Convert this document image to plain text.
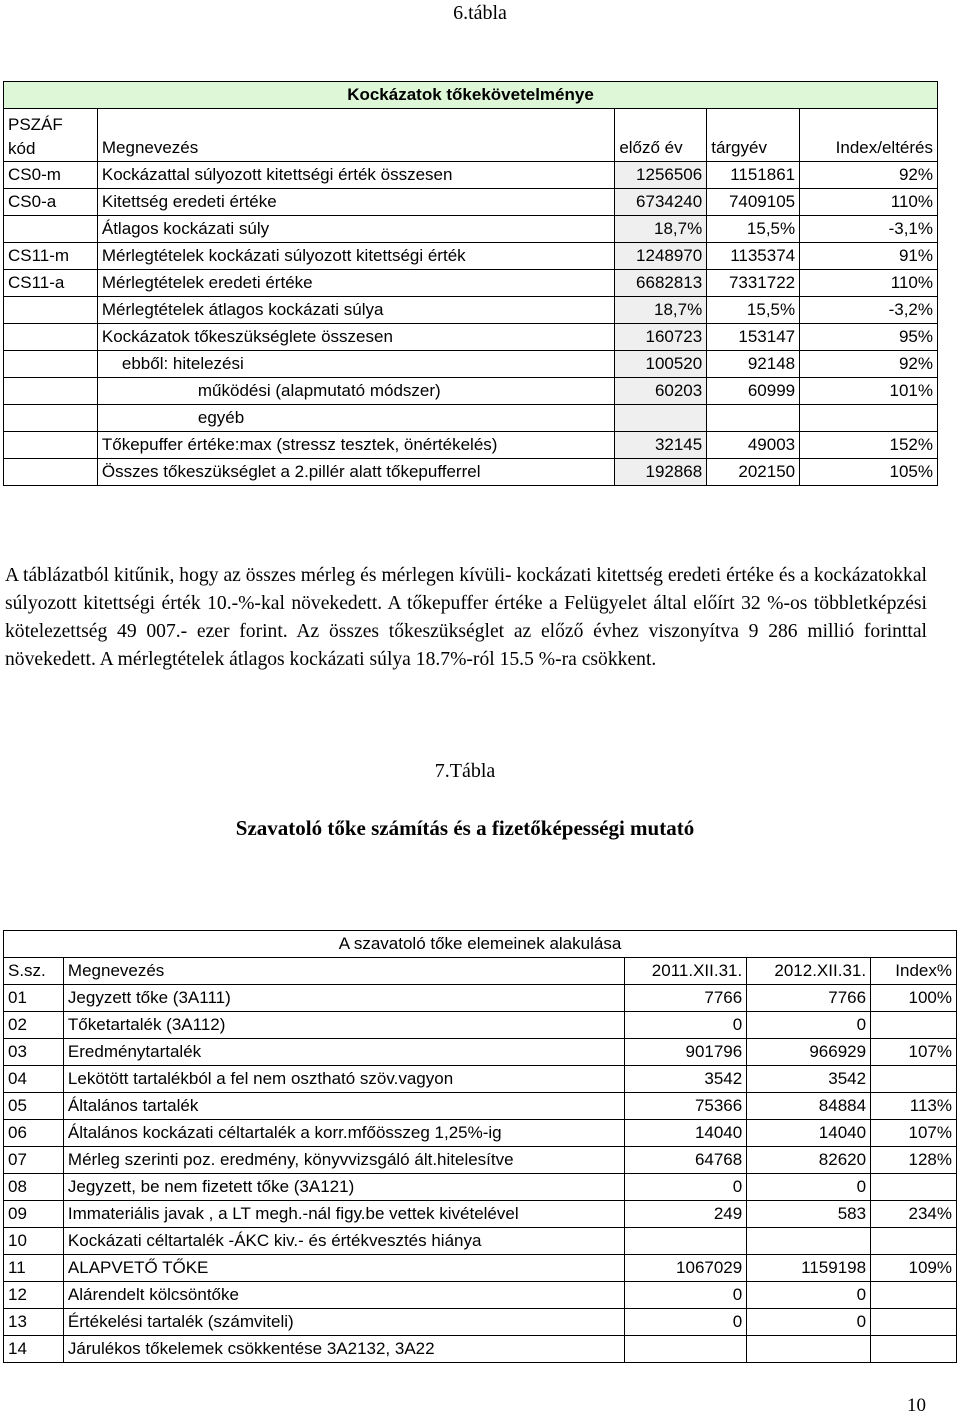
6.tábla
Kockázatok tőkekövetelménye				
PSZÁF
kód	Megnevezés	előző év	tárgyév	Index/eltérés
CS0-m	Kockázattal súlyozott kitettségi érték összesen	1256506	1151861	92%
CS0-a	Kitettség eredeti értéke	6734240	7409105	110%
	Átlagos kockázati súly	18,7%	15,5%	-3,1%
CS11-m	Mérlegtételek kockázati súlyozott kitettségi érték	1248970	1135374	91%
CS11-a	Mérlegtételek eredeti értéke	6682813	7331722	110%
	Mérlegtételek átlagos kockázati súlya	18,7%	15,5%	-3,2%
	Kockázatok tőkeszükséglete összesen	160723	153147	95%
	ebből: hitelezési	100520	92148	92%
	működési (alapmutató módszer)	60203	60999	101%
	egyéb			
	Tőkepuffer értéke:max (stressz tesztek, önértékelés)	32145	49003	152%
	Összes tőkeszükséglet a 2.pillér alatt tőkepufferrel	192868	202150	105%
A táblázatból kitűnik, hogy az összes mérleg és mérlegen kívüli- kockázati kitettség eredeti értéke és a kockázatokkal súlyozott kitettségi érték 10.-%-kal növekedett. A tőkepuffer értéke a Felügyelet által előírt 32 %-os többletképzési kötelezettség 49 007.- ezer forint. Az összes tőkeszükséglet az előző évhez viszonyítva 9 286 millió forinttal növekedett. A mérlegtételek átlagos kockázati súlya 18.7%-ról 15.5 %-ra csökkent.
7.Tábla
Szavatoló tőke számítás és a fizetőképességi mutató
A szavatoló tőke elemeinek alakulása				
S.sz.	Megnevezés	2011.XII.31.	2012.XII.31.	Index%
01	Jegyzett tőke (3A111)	7766	7766	100%
02	Tőketartalék (3A112)	0	0	
03	Eredménytartalék	901796	966929	107%
04	Lekötött tartalékból a fel nem osztható szöv.vagyon	3542	3542	
05	Általános tartalék	75366	84884	113%
06	Általános kockázati céltartalék a korr.mfőösszeg 1,25%-ig	14040	14040	107%
07	Mérleg szerinti poz. eredmény, könyvvizsgáló ált.hitelesítve	64768	82620	128%
08	Jegyzett, be nem fizetett tőke (3A121)	0	0	
09	Immateriális javak , a LT megh.-nál figy.be vettek kivételével	249	583	234%
10	Kockázati céltartalék -ÁKC kiv.- és értékvesztés hiánya			
11	ALAPVETŐ TŐKE	1067029	1159198	109%
12	Alárendelt kölcsöntőke	0	0	
13	Értékelési tartalék (számviteli)	0	0	
14	Járulékos tőkelemek csökkentése 3A2132, 3A22			
10
